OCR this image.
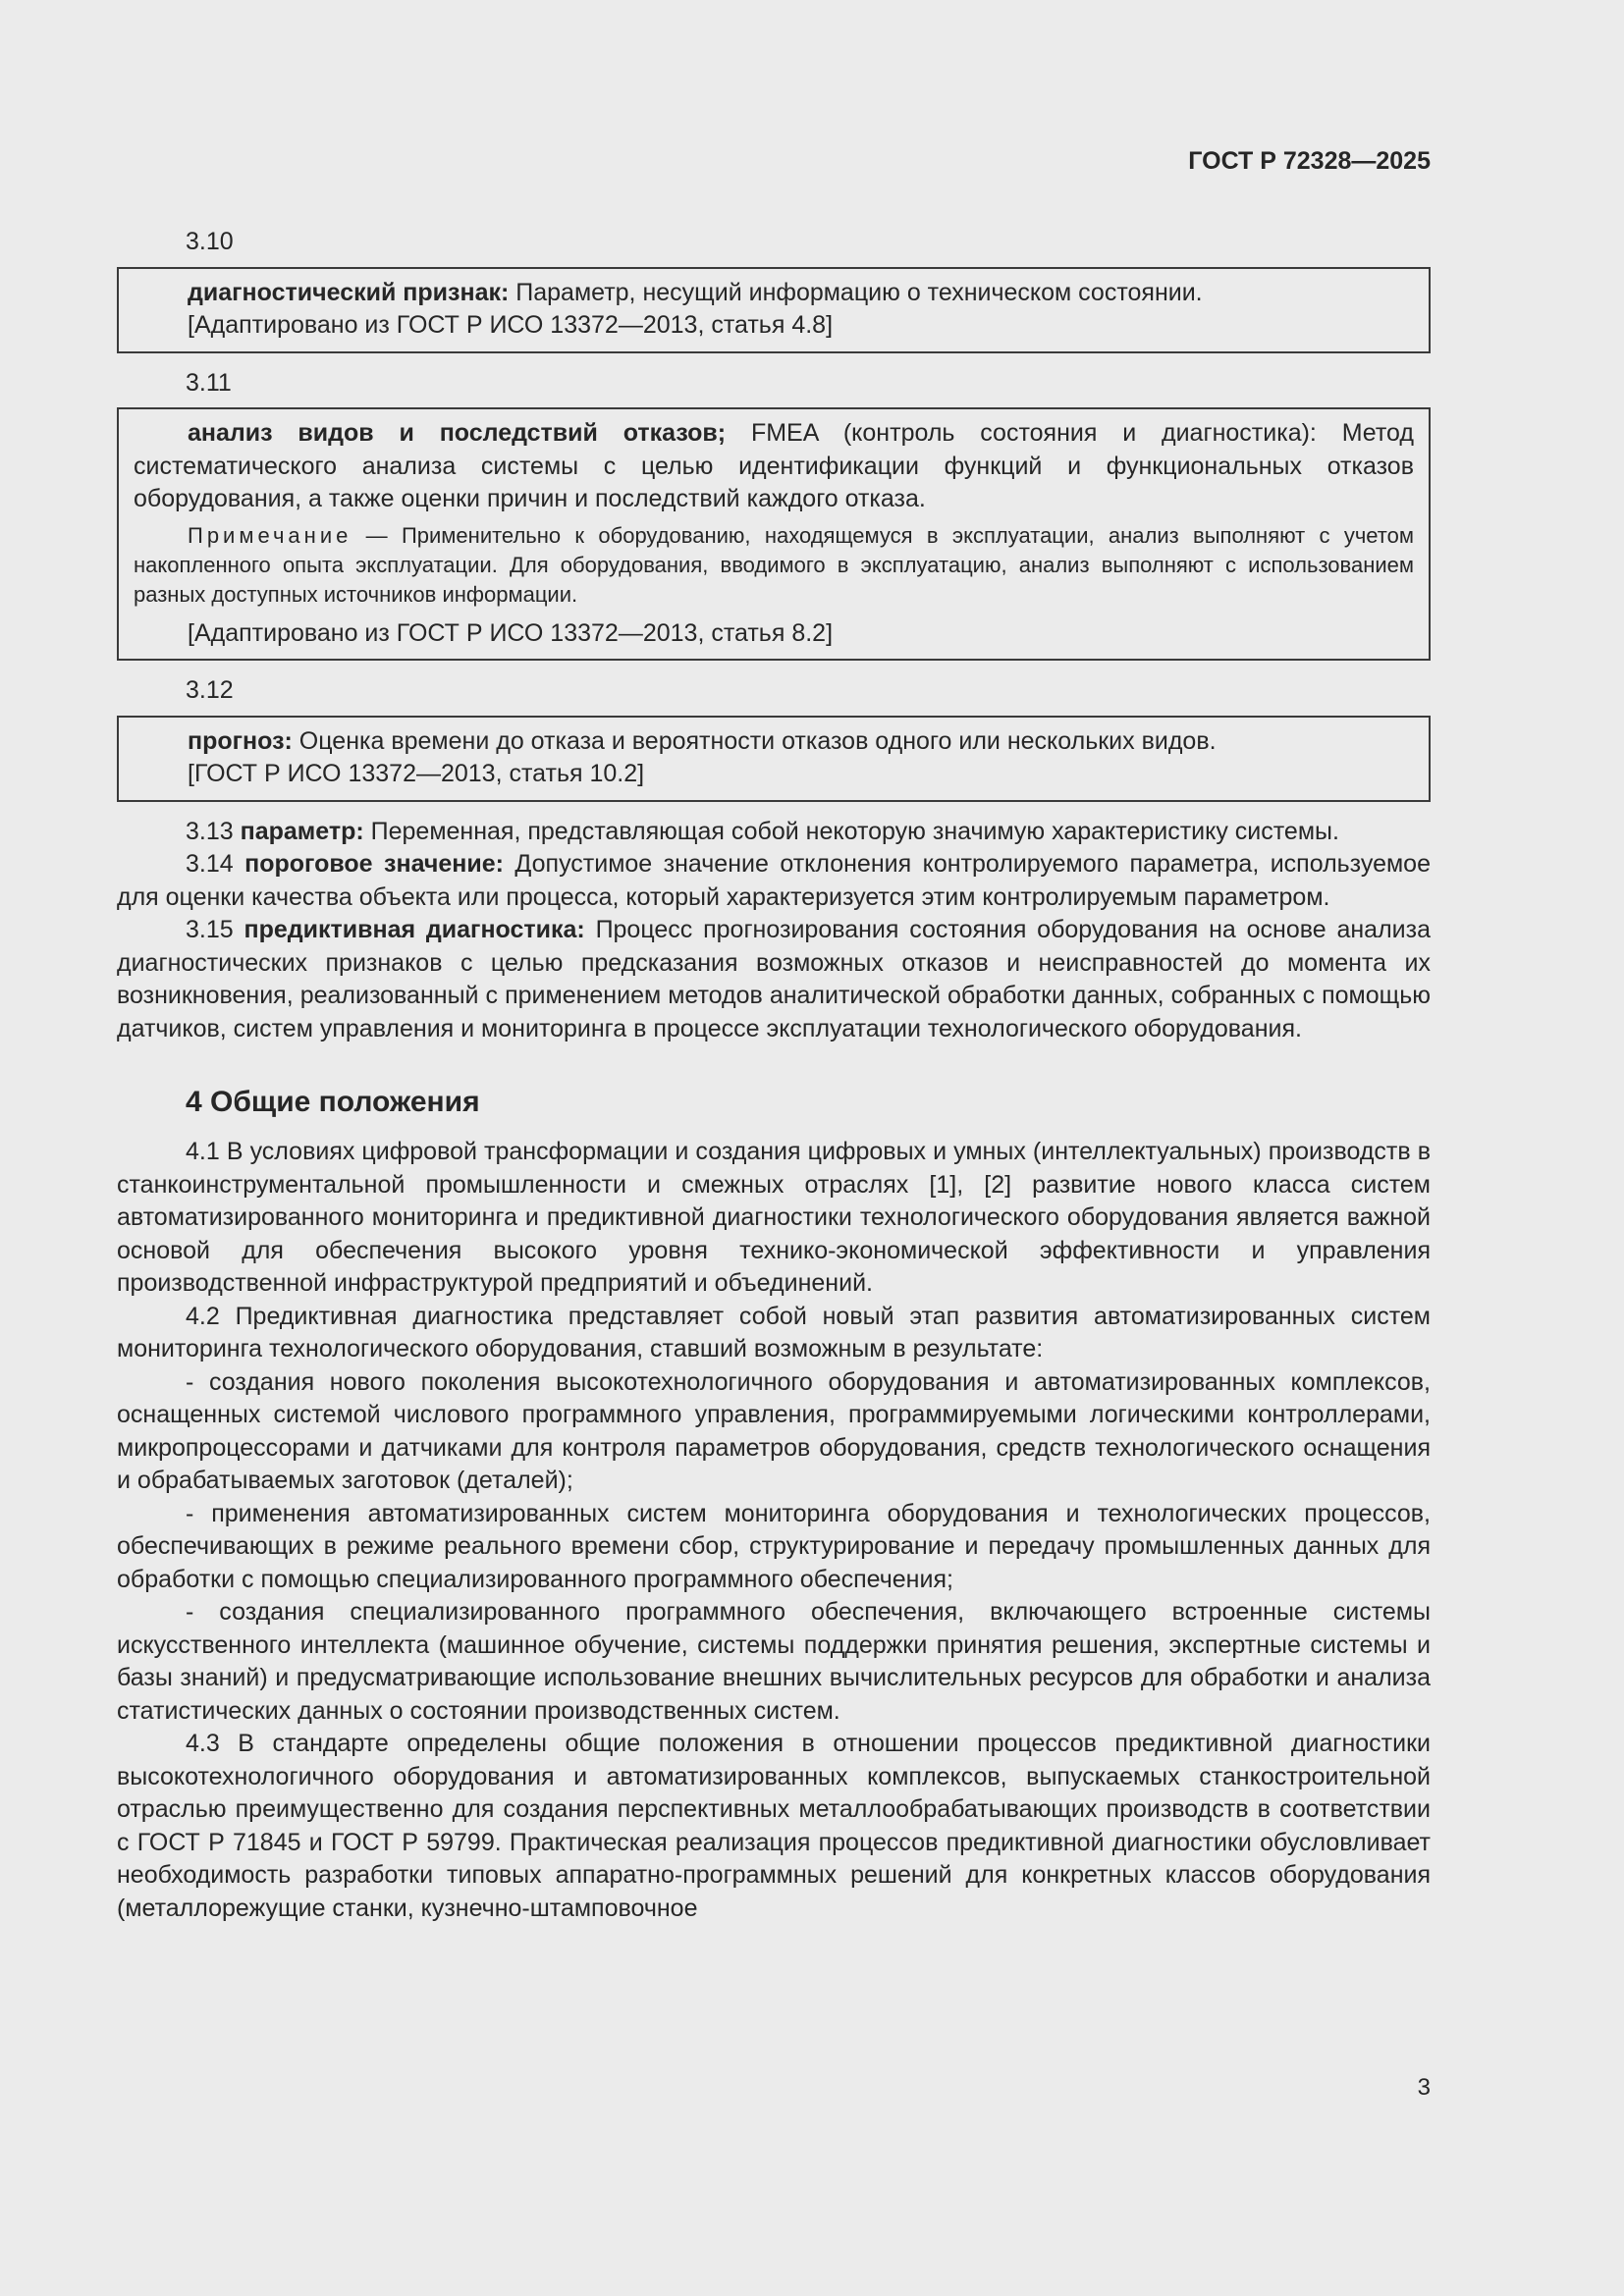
ГОСТ Р 72328—2025

3.10

диагностический признак: Параметр, несущий информацию о техническом состоянии.

[Адаптировано из ГОСТ Р ИСО 13372—2013, статья 4.8]

3.11

анализ видов и последствий отказов; FMEA (контроль состояния и диагностика): Метод систематического анализа системы с целью идентификации функций и функциональных отказов оборудования, а также оценки причин и последствий каждого отказа.

Примечание — Применительно к оборудованию, находящемуся в эксплуатации, анализ выполняют с учетом накопленного опыта эксплуатации. Для оборудования, вводимого в эксплуатацию, анализ выполняют с использованием разных доступных источников информации.

[Адаптировано из ГОСТ Р ИСО 13372—2013, статья 8.2]

3.12

прогноз: Оценка времени до отказа и вероятности отказов одного или нескольких видов.

[ГОСТ Р ИСО 13372—2013, статья 10.2]

3.13 параметр: Переменная, представляющая собой некоторую значимую характеристику системы.

3.14 пороговое значение: Допустимое значение отклонения контролируемого параметра, используемое для оценки качества объекта или процесса, который характеризуется этим контролируемым параметром.

3.15 предиктивная диагностика: Процесс прогнозирования состояния оборудования на основе анализа диагностических признаков с целью предсказания возможных отказов и неисправностей до момента их возникновения, реализованный с применением методов аналитической обработки данных, собранных с помощью датчиков, систем управления и мониторинга в процессе эксплуатации технологического оборудования.

4 Общие положения

4.1 В условиях цифровой трансформации и создания цифровых и умных (интеллектуальных) производств в станкоинструментальной промышленности и смежных отраслях [1], [2] развитие нового класса систем автоматизированного мониторинга и предиктивной диагностики технологического оборудования является важной основой для обеспечения высокого уровня технико-экономической эффективности и управления производственной инфраструктурой предприятий и объединений.

4.2 Предиктивная диагностика представляет собой новый этап развития автоматизированных систем мониторинга технологического оборудования, ставший возможным в результате:

- создания нового поколения высокотехнологичного оборудования и автоматизированных комплексов, оснащенных системой числового программного управления, программируемыми логическими контроллерами, микропроцессорами и датчиками для контроля параметров оборудования, средств технологического оснащения и обрабатываемых заготовок (деталей);

- применения автоматизированных систем мониторинга оборудования и технологических процессов, обеспечивающих в режиме реального времени сбор, структурирование и передачу промышленных данных для обработки с помощью специализированного программного обеспечения;

- создания специализированного программного обеспечения, включающего встроенные системы искусственного интеллекта (машинное обучение, системы поддержки принятия решения, экспертные системы и базы знаний) и предусматривающие использование внешних вычислительных ресурсов для обработки и анализа статистических данных о состоянии производственных систем.

4.3 В стандарте определены общие положения в отношении процессов предиктивной диагностики высокотехнологичного оборудования и автоматизированных комплексов, выпускаемых станкостроительной отраслью преимущественно для создания перспективных металлообрабатывающих производств в соответствии с ГОСТ Р 71845 и ГОСТ Р 59799. Практическая реализация процессов предиктивной диагностики обусловливает необходимость разработки типовых аппаратно-программных решений для конкретных классов оборудования (металлорежущие станки, кузнечно-штамповочное

3
